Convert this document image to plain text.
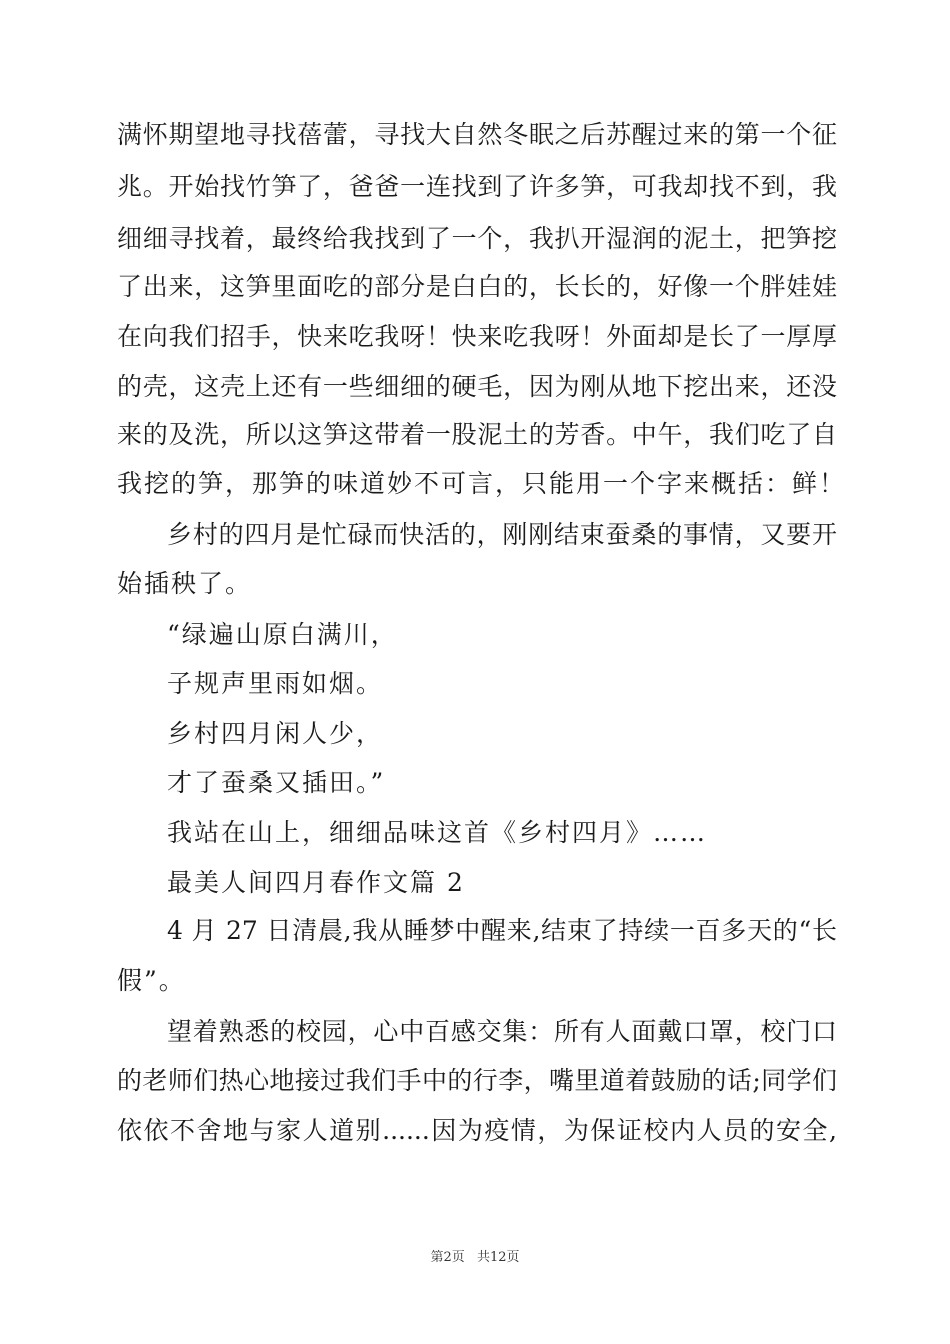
满怀期望地寻找蓓蕾，寻找大自然冬眠之后苏醒过来的第一个征
兆。开始找竹笋了，爸爸一连找到了许多笋，可我却找不到，我
细细寻找着，最终给我找到了一个，我扒开湿润的泥土，把笋挖
了出来，这笋里面吃的部分是白白的，长长的，好像一个胖娃娃
在向我们招手，快来吃我呀！快来吃我呀！外面却是长了一厚厚
的壳，这壳上还有一些细细的硬毛，因为刚从地下挖出来，还没
来的及洗，所以这笋这带着一股泥土的芳香。中午，我们吃了自
我挖的笋，那笋的味道妙不可言，只能用一个字来概括：鲜！
乡村的四月是忙碌而快活的，刚刚结束蚕桑的事情，又要开
始插秧了。
“绿遍山原白满川，
子规声里雨如烟。
乡村四月闲人少，
才了蚕桑又插田。”
我站在山上，细细品味这首《乡村四月》……
最美人间四月春作文篇 2
4 月 27 日清晨,我从睡梦中醒来,结束了持续一百多天的“长
假”。
望着熟悉的校园，心中百感交集：所有人面戴口罩，校门口
的老师们热心地接过我们手中的行李，嘴里道着鼓励的话;同学们
依依不舍地与家人道别......因为疫情，为保证校内人员的安全,
第2页 共12页
